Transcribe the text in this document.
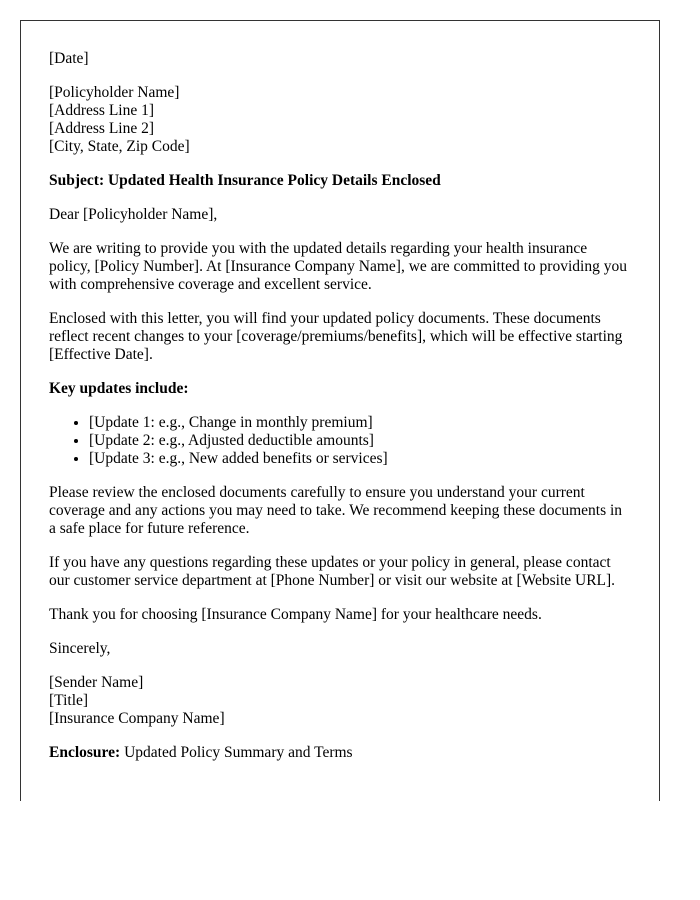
[Date]
[Policyholder Name]
[Address Line 1]
[Address Line 2]
[City, State, Zip Code]

Subject: Updated Health Insurance Policy Details Enclosed

Dear [Policyholder Name],

We are writing to provide you with the updated details regarding your health insurance policy, [Policy Number]. At [Insurance Company Name], we are committed to providing you with comprehensive coverage and excellent service.

Enclosed with this letter, you will find your updated policy documents. These documents reflect recent changes to your [coverage/premiums/benefits], which will be effective starting [Effective Date].

Key updates include:

• [Update 1: e.g., Change in monthly premium]
• [Update 2: e.g., Adjusted deductible amounts]
• [Update 3: e.g., New added benefits or services]

Please review the enclosed documents carefully to ensure you understand your current coverage and any actions you may need to take. We recommend keeping these documents in a safe place for future reference.

If you have any questions regarding these updates or your policy in general, please contact our customer service department at [Phone Number] or visit our website at [Website URL].

Thank you for choosing [Insurance Company Name] for your healthcare needs.

Sincerely,

[Sender Name]
[Title]
[Insurance Company Name]

Enclosure: Updated Policy Summary and Terms
